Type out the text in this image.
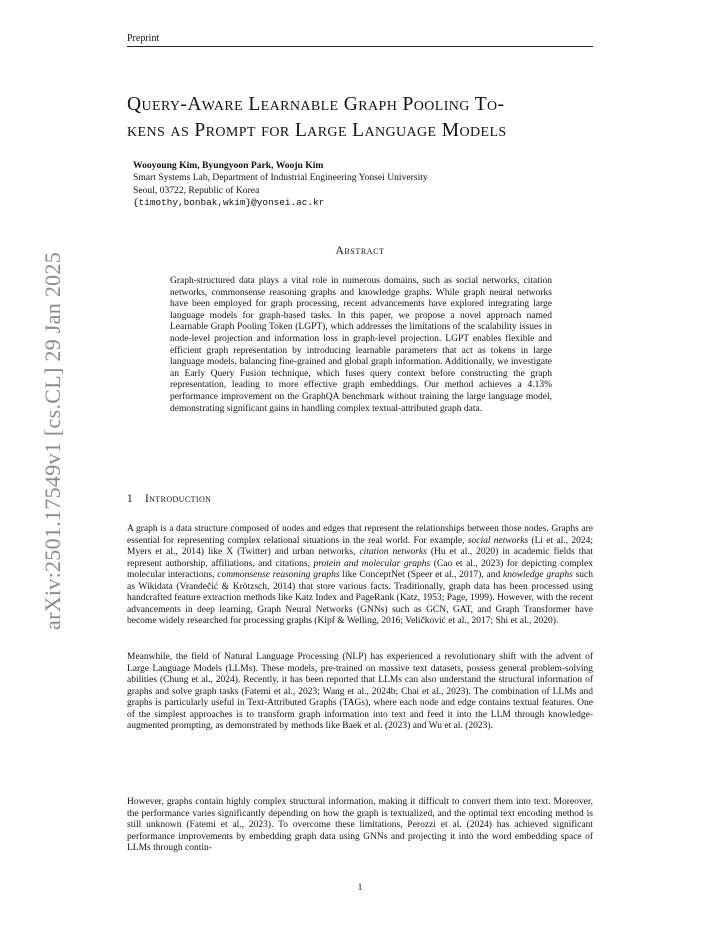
Preprint
Query-Aware Learnable Graph Pooling To-
kens as Prompt for Large Language Models
Wooyoung Kim, Byungyoon Park, Wooju Kim
Smart Systems Lab, Department of Industrial Engineering Yonsei University
Seoul, 03722, Republic of Korea
{timothy,bonbak,wkim}@yonsei.ac.kr
Abstract

Graph-structured data plays a vital role in numerous domains, such as social networks, citation networks, commonsense reasoning graphs and knowledge graphs. While graph neural networks have been employed for graph processing, recent advancements have explored integrating large language models for graph-based tasks. In this paper, we propose a novel approach named Learnable Graph Pooling Token (LGPT), which addresses the limitations of the scalability issues in node-level projection and information loss in graph-level projection. LGPT enables flexible and efficient graph representation by introducing learnable parameters that act as tokens in large language models, balancing fine-grained and global graph information. Additionally, we investigate an Early Query Fusion technique, which fuses query context before constructing the graph representation, leading to more effective graph embeddings. Our method achieves a 4.13% performance improvement on the GraphQA benchmark without training the large language model, demonstrating significant gains in handling complex textual-attributed graph data.

arXiv:2501.17549v1 [cs.CL] 29 Jan 2025	1 Introduction

A graph is a data structure composed of nodes and edges that represent the relationships between those nodes. Graphs are essential for representing complex relational situations in the real world. For example, social networks (Li et al., 2024; Myers et al., 2014) like X (Twitter) and urban networks, citation networks (Hu et al., 2020) in academic fields that represent authorship, affiliations, and citations, protein and molecular graphs (Cao et al., 2023) for depicting complex molecular interactions, commonsense reasoning graphs like ConceptNet (Speer et al., 2017), and knowledge graphs such as Wikidata (Vrandečić & Krötzsch, 2014) that store various facts. Traditionally, graph data has been processed using handcrafted feature extraction methods like Katz Index and PageRank (Katz, 1953; Page, 1999). However, with the recent advancements in deep learning, Graph Neural Networks (GNNs) such as GCN, GAT, and Graph Transformer have become widely researched for processing graphs (Kipf & Welling, 2016; Veličković et al., 2017; Shi et al., 2020).

Meanwhile, the field of Natural Language Processing (NLP) has experienced a revolutionary shift with the advent of Large Language Models (LLMs). These models, pre-trained on massive text datasets, possess general problem-solving abilities (Chung et al., 2024). Recently, it has been reported that LLMs can also understand the structural information of graphs and solve graph tasks (Fatemi et al., 2023; Wang et al., 2024b; Chai et al., 2023). The combination of LLMs and graphs is particularly useful in Text-Attributed Graphs (TAGs), where each node and edge contains textual features. One of the simplest approaches is to transform graph information into text and feed it into the LLM through knowledge-augmented prompting, as demonstrated by methods like Baek et al. (2023) and Wu et al. (2023).

However, graphs contain highly complex structural information, making it difficult to convert them into text. Moreover, the performance varies significantly depending on how the graph is textualized, and the optimal text encoding method is still unknown (Fatemi et al., 2023). To overcome these limitations, Perozzi et al. (2024) has achieved significant performance improvements by embedding graph data using GNNs and projecting it into the word embedding space of LLMs through contin-

1
